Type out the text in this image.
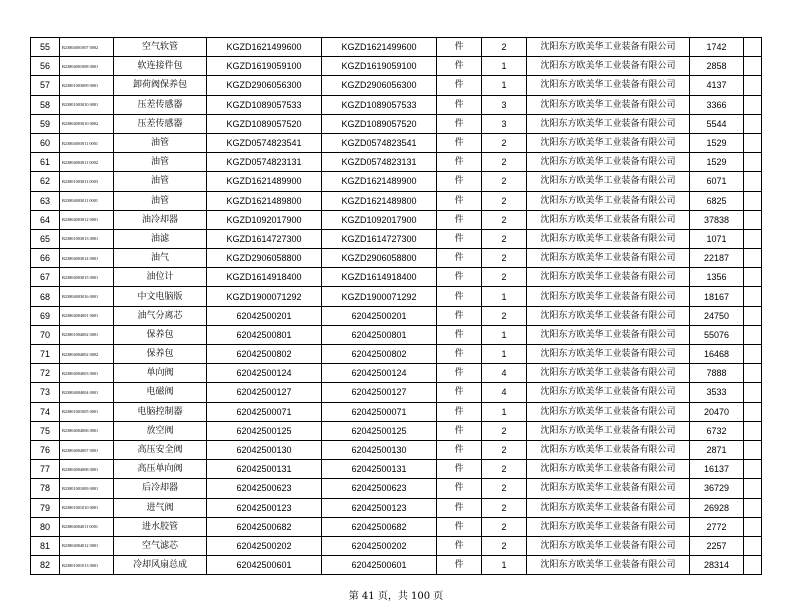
55	B23804001007 0002	空气软管	KGZD1621499600	KGZD1621499600	件	2	沈阳东方欧美华工业装备有限公司	1742	
56	B23804001008 0001	软连接件包	KGZD1619059100	KGZD1619059100	件	1	沈阳东方欧美华工业装备有限公司	2858	
57	B23801003009 0001	卸荷阀保养包	KGZD2906056300	KGZD2906056300	件	1	沈阳东方欧美华工业装备有限公司	4137	
58	B23801003010 0001	压差传感器	KGZD1089057533	KGZD1089057533	件	3	沈阳东方欧美华工业装备有限公司	3366	
59	B23804003010 0002	压差传感器	KGZD1089057520	KGZD1089057520	件	3	沈阳东方欧美华工业装备有限公司	5544	
60	B23804003011 0001	油管	KGZD0574823541	KGZD0574823541	件	2	沈阳东方欧美华工业装备有限公司	1529	
61	B23804003011 0002	油管	KGZD0574823131	KGZD0574823131	件	2	沈阳东方欧美华工业装备有限公司	1529	
62	B23801003011 0003	油管	KGZD1621489900	KGZD1621489900	件	2	沈阳东方欧美华工业装备有限公司	6071	
63	B23804003011 0001	油管	KGZD1621489800	KGZD1621489800	件	2	沈阳东方欧美华工业装备有限公司	6825	
64	B23804003012 0001	油冷却器	KGZD1092017900	KGZD1092017900	件	2	沈阳东方欧美华工业装备有限公司	37838	
65	B23801003013 0001	油滤	KGZD1614727300	KGZD1614727300	件	2	沈阳东方欧美华工业装备有限公司	1071	
66	B23804003014 0001	油气	KGZD2906058800	KGZD2906058800	件	2	沈阳东方欧美华工业装备有限公司	22187	
67	B23804003015 0001	油位计	KGZD1614918400	KGZD1614918400	件	2	沈阳东方欧美华工业装备有限公司	1356	
68	B23804003016 0001	中文电脑版	KGZD1900071292	KGZD1900071292	件	1	沈阳东方欧美华工业装备有限公司	18167	
69	B23804004001 0001	油气分离芯	62042500201	62042500201	件	2	沈阳东方欧美华工业装备有限公司	24750	
70	B23801004002 0001	保养包	62042500801	62042500801	件	1	沈阳东方欧美华工业装备有限公司	55076	
71	B23804004002 0002	保养包	62042500802	62042500802	件	1	沈阳东方欧美华工业装备有限公司	16468	
72	B23804004003 0001	单向阀	62042500124	62042500124	件	4	沈阳东方欧美华工业装备有限公司	7888	
73	B23804004004 0001	电磁阀	62042500127	62042500127	件	4	沈阳东方欧美华工业装备有限公司	3533	
74	B23801001005 0001	电脑控制器	62042500071	62042500071	件	1	沈阳东方欧美华工业装备有限公司	20470	
75	B23804004006 0001	放空阀	62042500125	62042500125	件	2	沈阳东方欧美华工业装备有限公司	6732	
76	B23804004007 0001	高压安全阀	62042500130	62042500130	件	2	沈阳东方欧美华工业装备有限公司	2871	
77	B23804004008 0001	高压单向阀	62042500131	62042500131	件	2	沈阳东方欧美华工业装备有限公司	16137	
78	B23801001009 0001	后冷却器	62042500623	62042500623	件	2	沈阳东方欧美华工业装备有限公司	36729	
79	B23801001010 0001	进气阀	62042500123	62042500123	件	2	沈阳东方欧美华工业装备有限公司	26928	
80	B23804004011 0001	进水胶管	62042500682	62042500682	件	2	沈阳东方欧美华工业装备有限公司	2772	
81	B23804004012 0001	空气滤芯	62042500202	62042500202	件	2	沈阳东方欧美华工业装备有限公司	2257	
82	B23801001013 0001	冷却风扇总成	62042500601	62042500601	件	1	沈阳东方欧美华工业装备有限公司	28314	
第 41 页，共 100 页
